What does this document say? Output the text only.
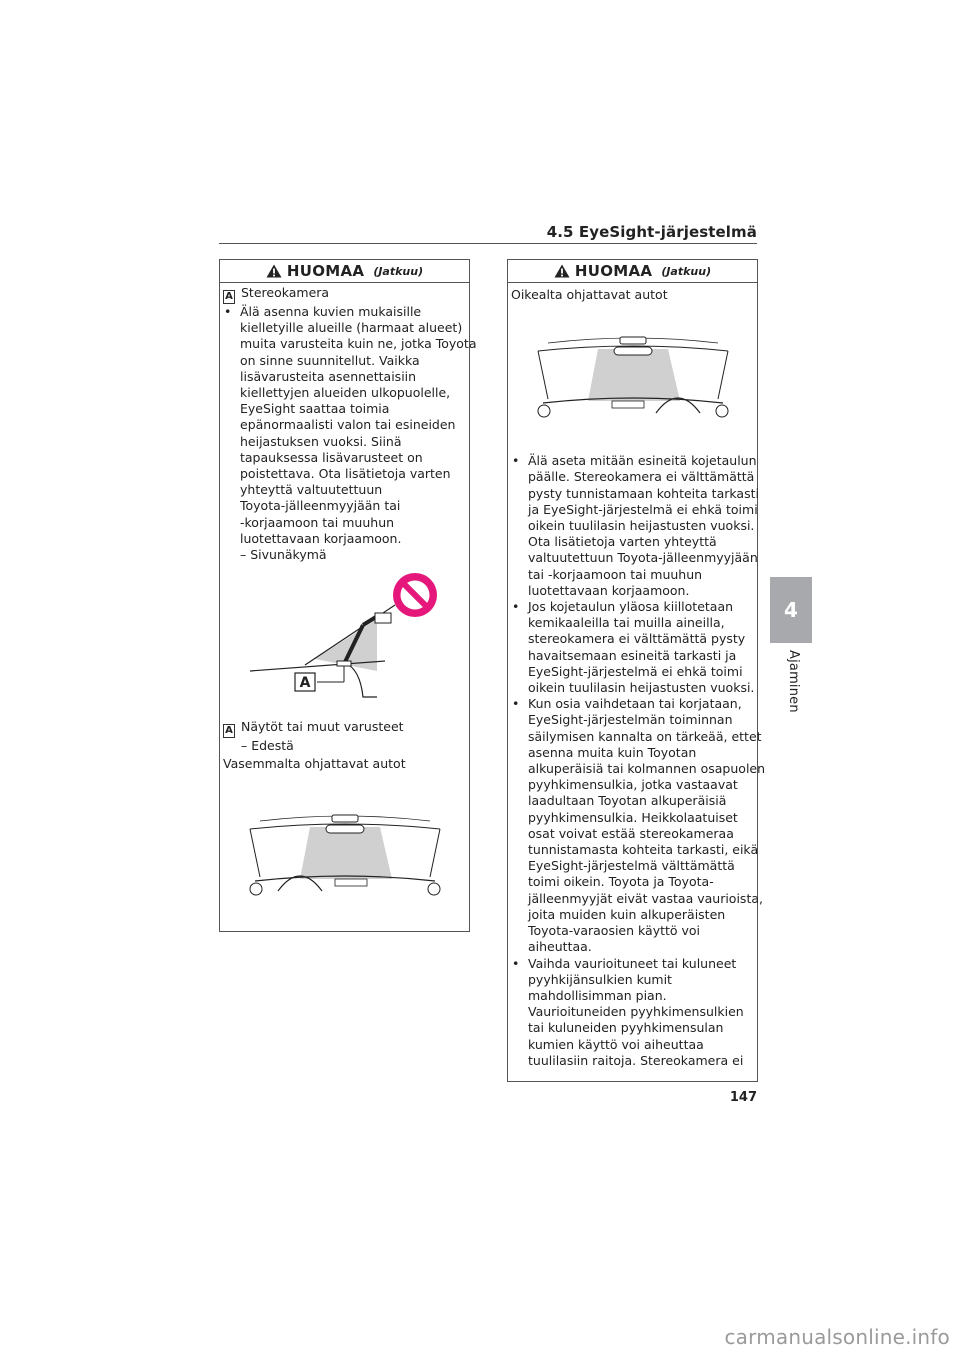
4.5 EyeSight-järjestelmä
HUOMAA (Jatkuu)
A Stereokamera
• Älä asenna kuvien mukaisille
kielletyille alueille (harmaat alueet)
muita varusteita kuin ne, jotka Toyota
on sinne suunnitellut. Vaikka
lisävarusteita asennettaisiin
kiellettyjen alueiden ulkopuolelle,
EyeSight saattaa toimia
epänormaalisti valon tai esineiden
heijastuksen vuoksi. Siinä
tapauksessa lisävarusteet on
poistettava. Ota lisätietoja varten
yhteyttä valtuutettuun
Toyota-jälleenmyyjään tai
-korjaamoon tai muuhun
luotettavaan korjaamoon.
– Sivunäkymä
A
A Näytöt tai muut varusteet
– Edestä
Vasemmalta ohjattavat autot
HUOMAA (Jatkuu)
Oikealta ohjattavat autot
• Älä aseta mitään esineitä kojetaulun
päälle. Stereokamera ei välttämättä
pysty tunnistamaan kohteita tarkasti
ja EyeSight-järjestelmä ei ehkä toimi
oikein tuulilasin heijastusten vuoksi.
Ota lisätietoja varten yhteyttä
valtuutettuun Toyota-jälleenmyyjään
tai -korjaamoon tai muuhun
luotettavaan korjaamoon.
• Jos kojetaulun yläosa kiillotetaan
kemikaaleilla tai muilla aineilla,
stereokamera ei välttämättä pysty
havaitsemaan esineitä tarkasti ja
EyeSight-järjestelmä ei ehkä toimi
oikein tuulilasin heijastusten vuoksi.
• Kun osia vaihdetaan tai korjataan,
EyeSight-järjestelmän toiminnan
säilymisen kannalta on tärkeää, ettet
asenna muita kuin Toyotan
alkuperäisiä tai kolmannen osapuolen
pyyhkimensulkia, jotka vastaavat
laadultaan Toyotan alkuperäisiä
pyyhkimensulkia. Heikkolaatuiset
osat voivat estää stereokameraa
tunnistamasta kohteita tarkasti, eikä
EyeSight-järjestelmä välttämättä
toimi oikein. Toyota ja Toyota-
jälleenmyyjät eivät vastaa vaurioista,
joita muiden kuin alkuperäisten
Toyota-varaosien käyttö voi
aiheuttaa.
• Vaihda vaurioituneet tai kuluneet
pyyhkijänsulkien kumit
mahdollisimman pian.
Vaurioituneiden pyyhkimensulkien
tai kuluneiden pyyhkimensulan
kumien käyttö voi aiheuttaa
tuulilasiin raitoja. Stereokamera ei
4
Ajaminen
147
carmanualsonline.info
